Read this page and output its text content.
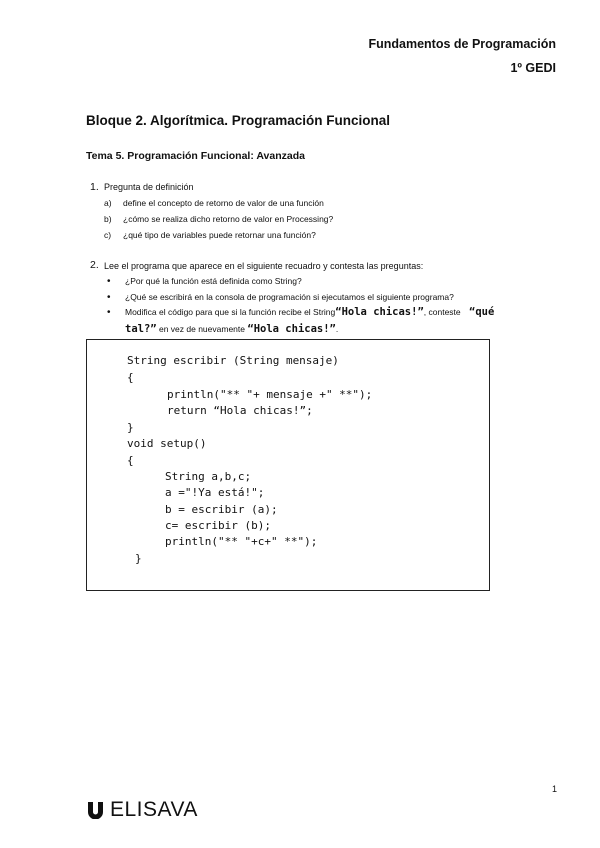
Fundamentos de Programación
1º GEDI
Bloque 2. Algorítmica. Programación Funcional
Tema 5. Programación Funcional: Avanzada
1. Pregunta de definición
a) define el concepto de retorno de valor de una función
b) ¿cómo se realiza dicho retorno de valor en Processing?
c) ¿qué tipo de variables puede retornar una función?
2. Lee el programa que aparece en el siguiente recuadro y contesta las preguntas:
• ¿Por qué la función está definida como String?
• ¿Qué se escribirá en la consola de programación si ejecutamos el siguiente programa?
• Modifica el código para que si la función recibe el String“Hola chicas!”, conteste “qué
tal?” en vez de nuevamente “Hola chicas!”.
String escribir (String mensaje)
{
println("** "+ mensaje +" **");
return “Hola chicas!”;
}
void setup()
{
String a,b,c;
a ="!Ya está!";
b = escribir (a);
c= escribir (b);
println("** "+c+" **");
}
1
ELISAVA
